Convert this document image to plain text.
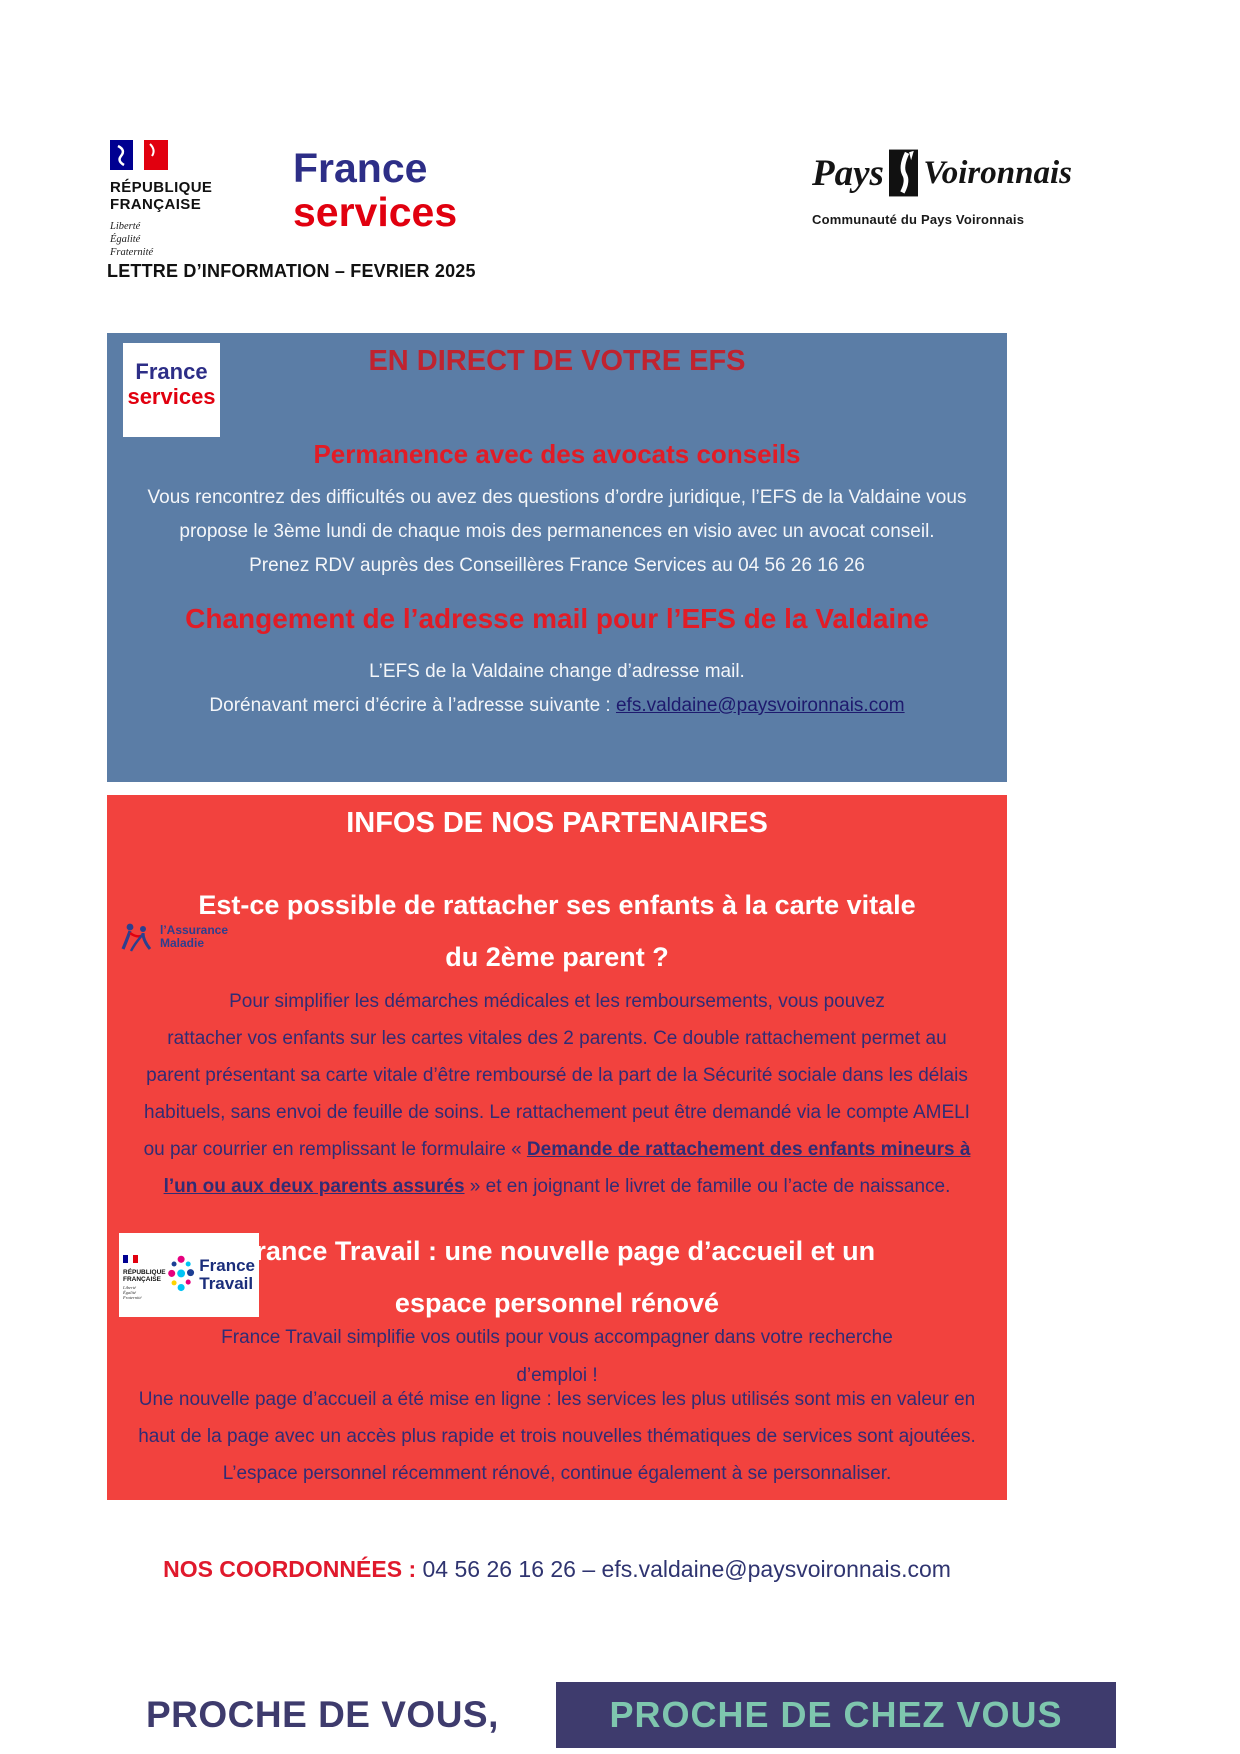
RÉPUBLIQUE
FRANÇAISE
Liberté
Égalité
Fraternité
France
services
Pays Voironnais
Communauté du Pays Voironnais
LETTRE D’INFORMATION – FEVRIER 2025
France
services
EN DIRECT DE VOTRE EFS
Permanence avec des avocats conseils
Vous rencontrez des difficultés ou avez des questions d’ordre juridique, l’EFS de la Valdaine vous
propose le 3ème lundi de chaque mois des permanences en visio avec un avocat conseil.
Prenez RDV auprès des Conseillères France Services au 04 56 26 16 26
Changement de l’adresse mail pour l’EFS de la Valdaine
L’EFS de la Valdaine change d’adresse mail.
Dorénavant merci d’écrire à l’adresse suivante : efs.valdaine@paysvoironnais.com
INFOS DE NOS PARTENAIRES
l’Assurance
Maladie
Est-ce possible de rattacher ses enfants à la carte vitale
du 2ème parent ?
Pour simplifier les démarches médicales et les remboursements, vous pouvez
rattacher vos enfants sur les cartes vitales des 2 parents. Ce double rattachement permet au
parent présentant sa carte vitale d’être remboursé de la part de la Sécurité sociale dans les délais
habituels, sans envoi de feuille de soins. Le rattachement peut être demandé via le compte AMELI
ou par courrier en remplissant le formulaire « Demande de rattachement des enfants mineurs à
l’un ou aux deux parents assurés » et en joignant le livret de famille ou l’acte de naissance.
RÉPUBLIQUE
FRANÇAISE
Liberté
Égalité
Fraternité
France
Travail
France Travail : une nouvelle page d’accueil et un
espace personnel rénové
France Travail simplifie vos outils pour vous accompagner dans votre recherche
d’emploi !
Une nouvelle page d’accueil a été mise en ligne : les services les plus utilisés sont mis en valeur en
haut de la page avec un accès plus rapide et trois nouvelles thématiques de services sont ajoutées.
L’espace personnel récemment rénové, continue également à se personnaliser.
NOS COORDONNÉES : 04 56 26 16 26 – efs.valdaine@paysvoironnais.com
PROCHE DE VOUS,	PROCHE DE CHEZ VOUS
